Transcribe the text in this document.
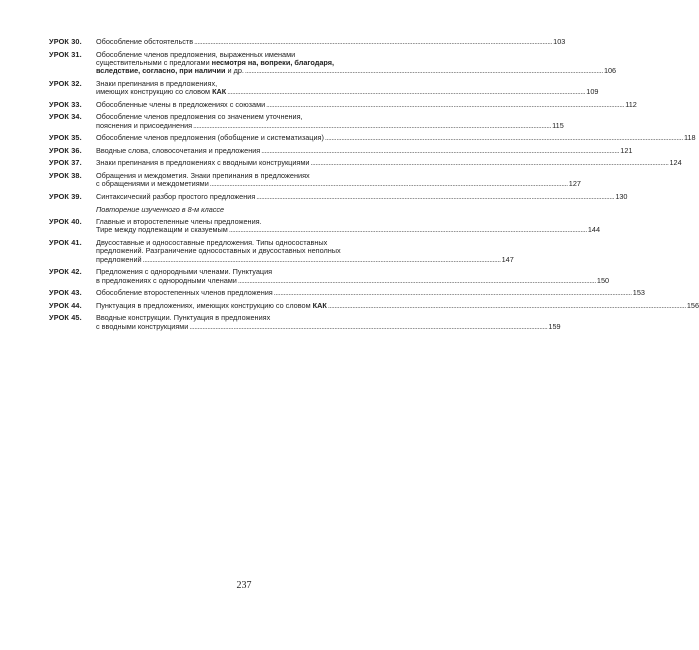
УРОК 30.	Обособление обстоятельств ............................................................................................................................................................................................................................ 103
УРОК 31.	Обособление членов предложения, выраженных именами
существительными с предлогами несмотря на, вопреки, благодаря,
вследствие, согласно, при наличии и др. ............................................................................................................................................................................................................................ 106
УРОК 32.	Знаки препинания в предложениях,
имеющих конструкцию со словом КАК ............................................................................................................................................................................................................................ 109
УРОК 33.	Обособленные члены в предложениях с союзами ............................................................................................................................................................................................................................ 112
УРОК 34.	Обособление членов предложения со значением уточнения,
пояснения и присоединения ............................................................................................................................................................................................................................ 115
УРОК 35.	Обособление членов предложения (обобщение и систематизация) ............................................................................................................................................................................................................................ 118
УРОК 36.	Вводные слова, словосочетания и предложения ............................................................................................................................................................................................................................ 121
УРОК 37.	Знаки препинания в предложениях с вводными конструкциями ............................................................................................................................................................................................................................ 124
УРОК 38.	Обращения и междометия. Знаки препинания в предложениях
с обращениями и междометиями ............................................................................................................................................................................................................................ 127
УРОК 39.	Синтаксический разбор простого предложения ............................................................................................................................................................................................................................ 130
Повторение изученного в 8-м классе
УРОК 40.	Главные и второстепенные члены предложения.
Тире между подлежащим и сказуемым ............................................................................................................................................................................................................................ 144
УРОК 41.	Двусоставные и односоставные предложения. Типы односоставных
предложений. Разграничение односоставных и двусоставных неполных
предложений ............................................................................................................................................................................................................................ 147
УРОК 42.	Предложения с однородными членами. Пунктуация
в предложениях с однородными членами ............................................................................................................................................................................................................................ 150
УРОК 43.	Обособление второстепенных членов предложения ............................................................................................................................................................................................................................ 153
УРОК 44.	Пунктуация в предложениях, имеющих конструкцию со словом КАК ............................................................................................................................................................................................................................ 156
УРОК 45.	Вводные конструкции. Пунктуация в предложениях
с вводными конструкциями ............................................................................................................................................................................................................................ 159
237
